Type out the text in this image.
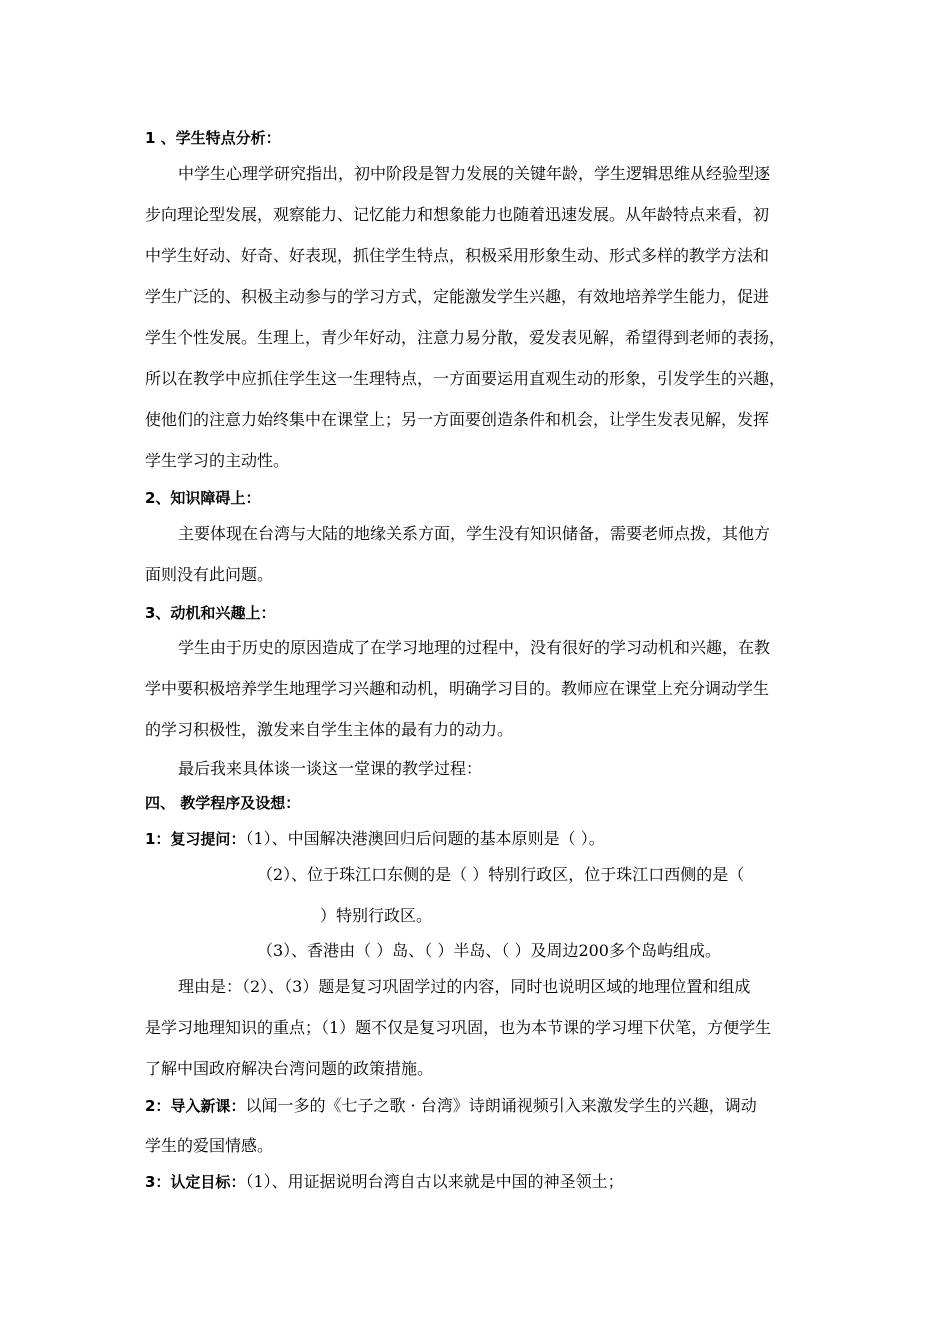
1 、学生特点分析：
中学生心理学研究指出，初中阶段是智力发展的关键年龄，学生逻辑思维从经验型逐
步向理论型发展，观察能力、记忆能力和想象能力也随着迅速发展。从年龄特点来看，初
中学生好动、好奇、好表现，抓住学生特点，积极采用形象生动、形式多样的教学方法和
学生广泛的、积极主动参与的学习方式，定能激发学生兴趣，有效地培养学生能力，促进
学生个性发展。生理上，青少年好动，注意力易分散，爱发表见解，希望得到老师的表扬，
所以在教学中应抓住学生这一生理特点，一方面要运用直观生动的形象，引发学生的兴趣，
使他们的注意力始终集中在课堂上；另一方面要创造条件和机会，让学生发表见解，发挥
学生学习的主动性。
2、知识障碍上：
主要体现在台湾与大陆的地缘关系方面，学生没有知识储备，需要老师点拨，其他方
面则没有此问题。
3、动机和兴趣上：
学生由于历史的原因造成了在学习地理的过程中，没有很好的学习动机和兴趣，在教
学中要积极培养学生地理学习兴趣和动机，明确学习目的。教师应在课堂上充分调动学生
的学习积极性，激发来自学生主体的最有力的动力。
最后我来具体谈一谈这一堂课的教学过程：
四、 教学程序及设想：
1：复习提问：（1）、中国解决港澳回归后问题的基本原则是（ ）。
（2）、位于珠江口东侧的是（ ）特别行政区，位于珠江口西侧的是（
）特别行政区。
（3）、香港由（ ）岛、（ ）半岛、（ ）及周边200多个岛屿组成。
理由是：（2）、（3）题是复习巩固学过的内容，同时也说明区域的地理位置和组成
是学习地理知识的重点；（1）题不仅是复习巩固，也为本节课的学习埋下伏笔，方便学生
了解中国政府解决台湾问题的政策措施。
2：导入新课：以闻一多的《七子之歌 · 台湾》诗朗诵视频引入来激发学生的兴趣，调动
学生的爱国情感。
3：认定目标：（1）、用证据说明台湾自古以来就是中国的神圣领土；
